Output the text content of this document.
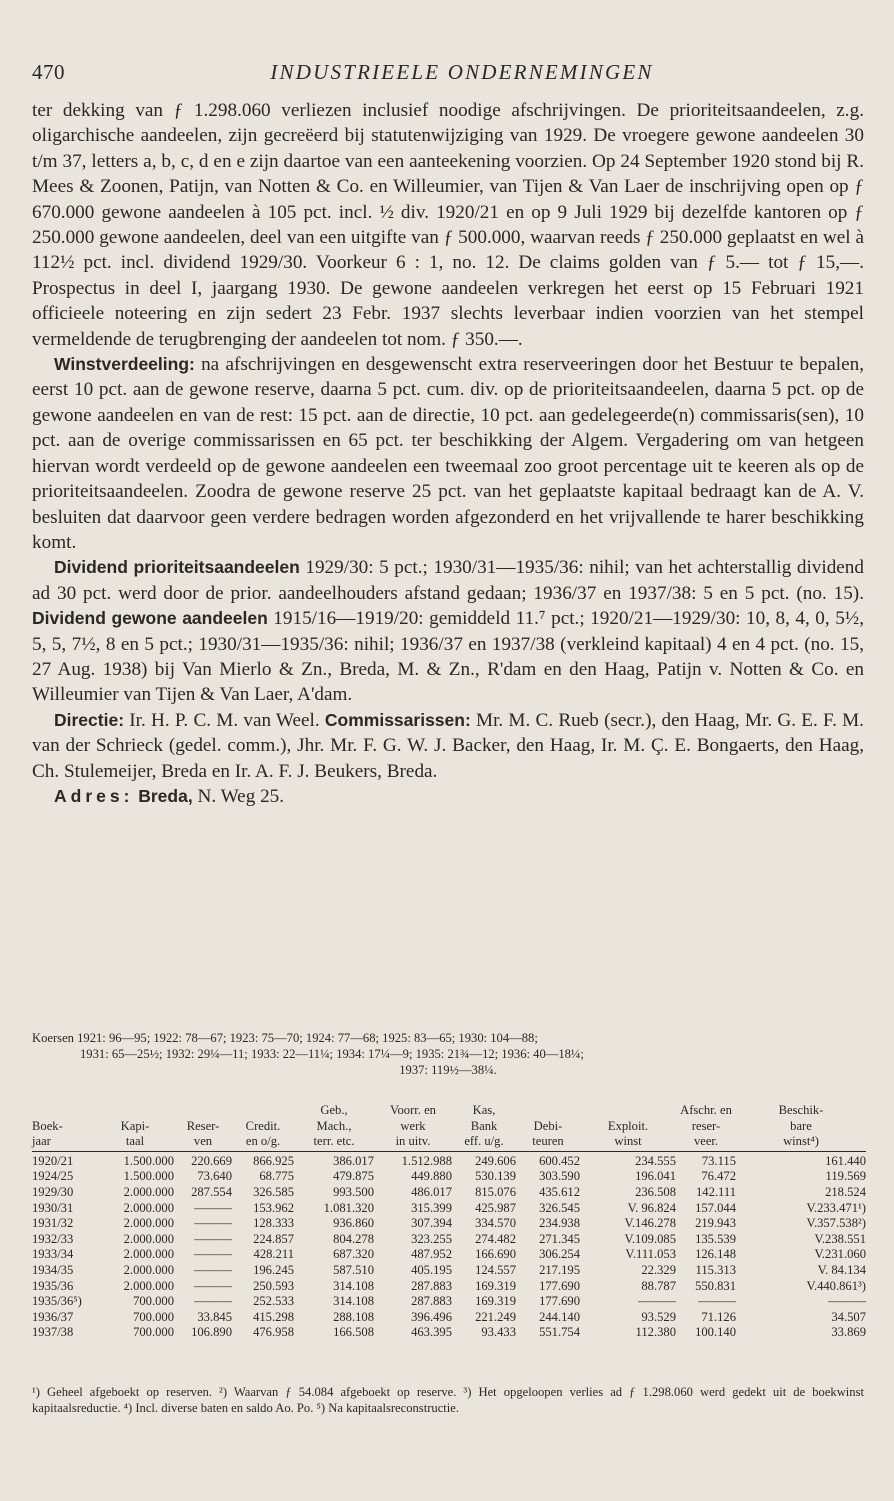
470	INDUSTRIEELE ONDERNEMINGEN

ter dekking van ƒ 1.298.060 verliezen inclusief noodige afschrijvingen. De prioriteitsaandeelen, z.g. oligarchische aandeelen, zijn gecreëerd bij statutenwijziging van 1929. De vroegere gewone aandeelen 30 t/m 37, letters a, b, c, d en e zijn daartoe van een aanteekening voorzien. Op 24 September 1920 stond bij R. Mees & Zoonen, Patijn, van Notten & Co. en Willeumier, van Tijen & Van Laer de inschrijving open op ƒ 670.000 gewone aandeelen à 105 pct. incl. ½ div. 1920/21 en op 9 Juli 1929 bij dezelfde kantoren op ƒ 250.000 gewone aandeelen, deel van een uitgifte van ƒ 500.000, waarvan reeds ƒ 250.000 geplaatst en wel à 112½ pct. incl. dividend 1929/30. Voorkeur 6 : 1, no. 12. De claims golden van ƒ 5.— tot ƒ 15,—. Prospectus in deel I, jaargang 1930. De gewone aandeelen verkregen het eerst op 15 Februari 1921 officieele noteering en zijn sedert 23 Febr. 1937 slechts leverbaar indien voorzien van het stempel vermeldende de terugbrenging der aandeelen tot nom. ƒ 350.—.

Winstverdeeling: na afschrijvingen en desgewenscht extra reserveeringen door het Bestuur te bepalen, eerst 10 pct. aan de gewone reserve, daarna 5 pct. cum. div. op de prioriteitsaandeelen, daarna 5 pct. op de gewone aandeelen en van de rest: 15 pct. aan de directie, 10 pct. aan gedelegeerde(n) commissaris(sen), 10 pct. aan de overige commissarissen en 65 pct. ter beschikking der Algem. Vergadering om van hetgeen hiervan wordt verdeeld op de gewone aandeelen een tweemaal zoo groot percentage uit te keeren als op de prioriteitsaandeelen. Zoodra de gewone reserve 25 pct. van het geplaatste kapitaal bedraagt kan de A. V. besluiten dat daarvoor geen verdere bedragen worden afgezonderd en het vrijvallende te harer beschikking komt.

Dividend prioriteitsaandeelen 1929/30: 5 pct.; 1930/31—1935/36: nihil; van het achterstallig dividend ad 30 pct. werd door de prior. aandeelhouders afstand gedaan; 1936/37 en 1937/38: 5 en 5 pct. (no. 15). Dividend gewone aandeelen 1915/16—1919/20: gemiddeld 11.⁷ pct.; 1920/21—1929/30: 10, 8, 4, 0, 5½, 5, 5, 7½, 8 en 5 pct.; 1930/31—1935/36: nihil; 1936/37 en 1937/38 (verkleind kapitaal) 4 en 4 pct. (no. 15, 27 Aug. 1938) bij Van Mierlo & Zn., Breda, M. & Zn., R'dam en den Haag, Patijn v. Notten & Co. en Willeumier van Tijen & Van Laer, A'dam.

Directie: Ir. H. P. C. M. van Weel. Commissarissen: Mr. M. C. Rueb (secr.), den Haag, Mr. G. E. F. M. van der Schrieck (gedel. comm.), Jhr. Mr. F. G. W. J. Backer, den Haag, Ir. M. Ç. E. Bongaerts, den Haag, Ch. Stulemeijer, Breda en Ir. A. F. J. Beukers, Breda.

Adres: Breda, N. Weg 25.

Koersen 1921: 96—95; 1922: 78—67; 1923: 75—70; 1924: 77—68; 1925: 83—65; 1930: 104—88;
1931: 65—25½; 1932: 29¼—11; 1933: 22—11¼; 1934: 17¼—9; 1935: 21¾—12; 1936: 40—18¼;
1937: 119½—38¼.
				Geb.,	Voorr. en	Kas,			Afschr. en	Beschik-
Boek-	Kapi-	Reser-	Credit.	Mach.,	werk	Bank	Debi-	Exploit.	reser-	bare
jaar	taal	ven	en o/g.	terr. etc.	in uitv.	eff. u/g.	teuren	winst	veer.	winst⁴)
1920/21	1.500.000	220.669	866.925	386.017	1.512.988	249.606	600.452	234.555	73.115	161.440
1924/25	1.500.000	73.640	68.775	479.875	449.880	530.139	303.590	196.041	76.472	119.569
1929/30	2.000.000	287.554	326.585	993.500	486.017	815.076	435.612	236.508	142.111	218.524
1930/31	2.000.000	———	153.962	1.081.320	315.399	425.987	326.545	V. 96.824	157.044	V.233.471¹)
1931/32	2.000.000	———	128.333	936.860	307.394	334.570	234.938	V.146.278	219.943	V.357.538²)
1932/33	2.000.000	———	224.857	804.278	323.255	274.482	271.345	V.109.085	135.539	V.238.551
1933/34	2.000.000	———	428.211	687.320	487.952	166.690	306.254	V.111.053	126.148	V.231.060
1934/35	2.000.000	———	196.245	587.510	405.195	124.557	217.195	22.329	115.313	V. 84.134
1935/36	2.000.000	———	250.593	314.108	287.883	169.319	177.690	88.787	550.831	V.440.861³)
1935/36⁵)	700.000	———	252.533	314.108	287.883	169.319	177.690	———	———	———
1936/37	700.000	33.845	415.298	288.108	396.496	221.249	244.140	93.529	71.126	34.507
1937/38	700.000	106.890	476.958	166.508	463.395	93.433	551.754	112.380	100.140	33.869
¹) Geheel afgeboekt op reserven. ²) Waarvan ƒ 54.084 afgeboekt op reserve. ³) Het opgeloopen verlies ad ƒ 1.298.060 werd gedekt uit de boekwinst kapitaalsreductie. ⁴) Incl. diverse baten en saldo Ao. Po. ⁵) Na kapitaalsreconstructie.
